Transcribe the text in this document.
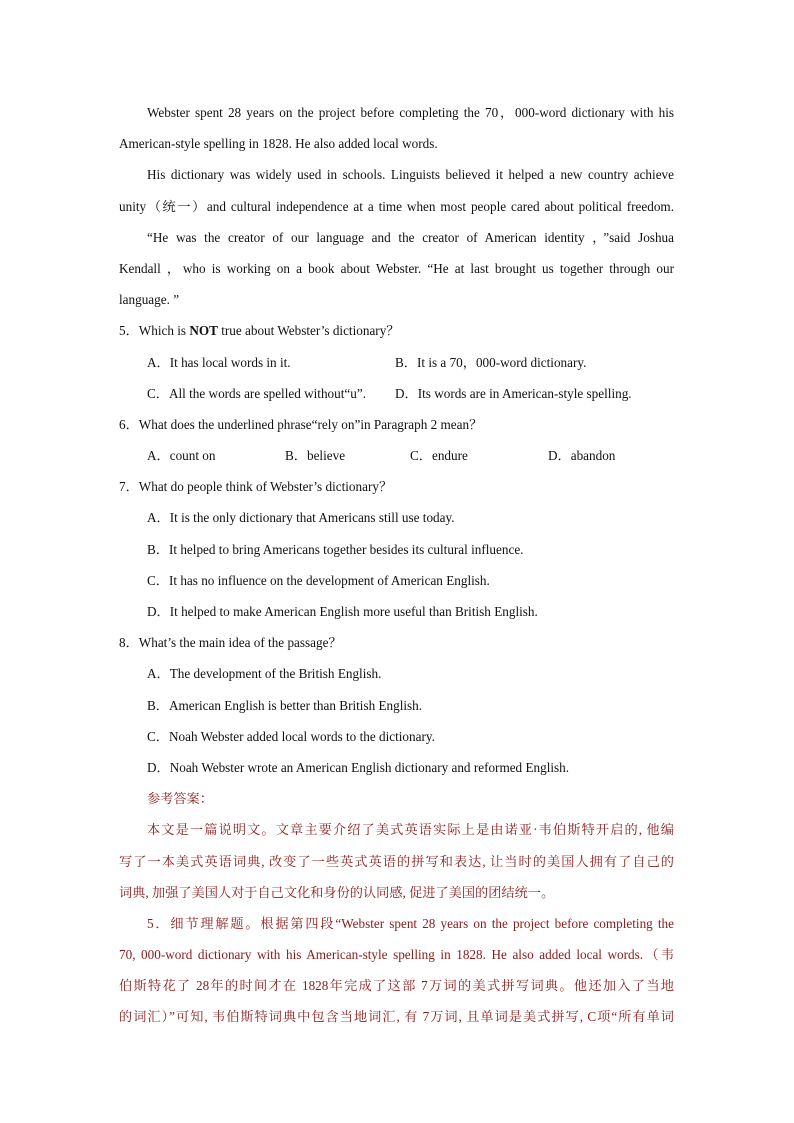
Webster spent 28 years on the project before completing the 70，000-word dictionary with his
American-style spelling in 1828. He also added local words.
His dictionary was widely used in schools. Linguists believed it helped a new country achieve
unity（统一）and cultural independence at a time when most people cared about political freedom.
“He was the creator of our language and the creator of American identity ，”said Joshua
Kendall ，who is working on a book about Webster. “He at last brought us together through our
language. ”
5．Which is NOT true about Webster’s dictionary？
A．It has local words in it.	B．It is a 70，000-word dictionary.
C．All the words are spelled without“u”. D．Its words are in American-style spelling.
6．What does the underlined phrase“rely on”in Paragraph 2 mean？
A．count on	B．believe	C．endure	D．abandon
7．What do people think of Webster’s dictionary？
A．It is the only dictionary that Americans still use today.
B．It helped to bring Americans together besides its cultural influence.
C．It has no influence on the development of American English.
D．It helped to make American English more useful than British English.
8．What’s the main idea of the passage？
A．The development of the British English.
B．American English is better than British English.
C．Noah Webster added local words to the dictionary.
D．Noah Webster wrote an American English dictionary and reformed English.
参考答案：
本文是一篇说明文。文章主要介绍了美式英语实际上是由诺亚·韦伯斯特开启的, 他编
写了一本美式英语词典, 改变了一些英式英语的拼写和表达, 让当时的美国人拥有了自己的
词典, 加强了美国人对于自己文化和身份的认同感, 促进了美国的团结统一。
5．细节理解题。根据第四段“Webster spent 28 years on the project before completing the
70, 000-word dictionary with his American-style spelling in 1828. He also added local words.（韦
伯斯特花了 28年的时间才在 1828年完成了这部 7万词的美式拼写词典。他还加入了当地
的词汇）”可知, 韦伯斯特词典中包含当地词汇, 有 7万词, 且单词是美式拼写, C项“所有单词
